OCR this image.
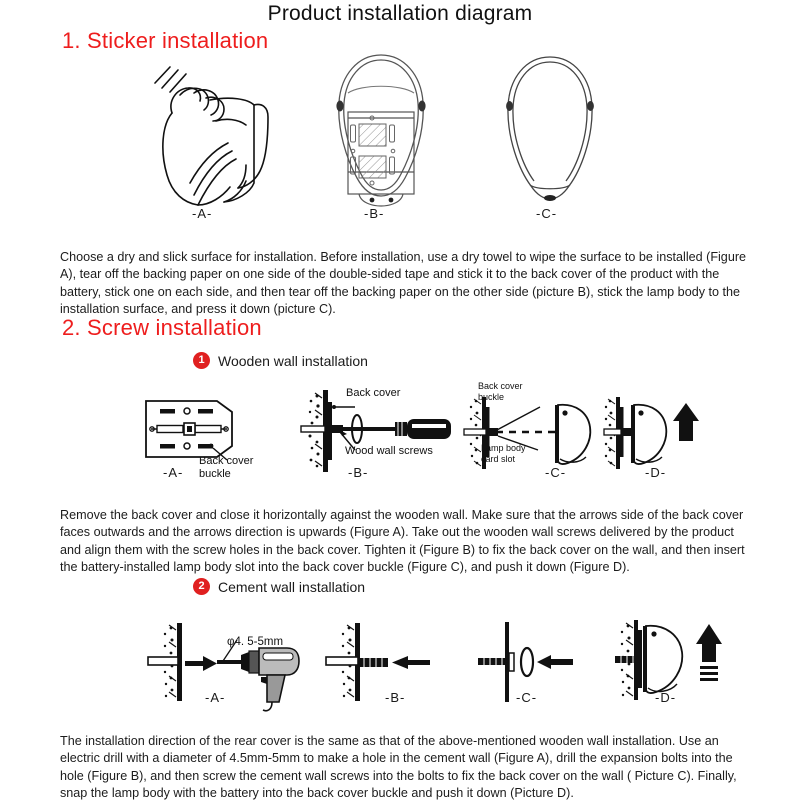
Product installation diagram
1. Sticker installation
-A-	-B-	-C-

Choose a dry and slick surface for installation. Before installation, use a dry towel to wipe the surface to be installed (Figure A), tear off the backing paper on one side of the double-sided tape and stick it to the back cover of the product with the battery, stick one on each side, and then tear off the backing paper on the other side (picture B), stick the lamp body to the installation surface, and press it down (picture C).

2. Screw installation
1 Wooden wall installation
-A-
Back cover
buckle
Back cover
Wood wall screws
-B-
Back cover
buckle
Lamp body
card slot
-C-	-D-

Remove the back cover and close it horizontally against the wooden wall. Make sure that the arrows side of the back cover faces outwards and the arrows direction is upwards (Figure A). Take out the wooden wall screws delivered by the product and align them with the screw holes in the back cover. Tighten it (Figure B) to fix the back cover on the wall, and then insert the battery-installed lamp body slot into the back cover buckle (Figure C), and push it down (Figure D).

2 Cement wall installation
φ4. 5-5mm
-A-	-B-	-C-	-D-

The installation direction of the rear cover is the same as that of the above-mentioned wooden wall installation. Use an electric drill with a diameter of 4.5mm-5mm to make a hole in the cement wall (Figure A), drill the expansion bolts into the hole (Figure B), and then screw the cement wall screws into the bolts to fix the back cover on the wall ( Picture C). Finally, snap the lamp body with the battery into the back cover buckle and push it down (Picture D).
